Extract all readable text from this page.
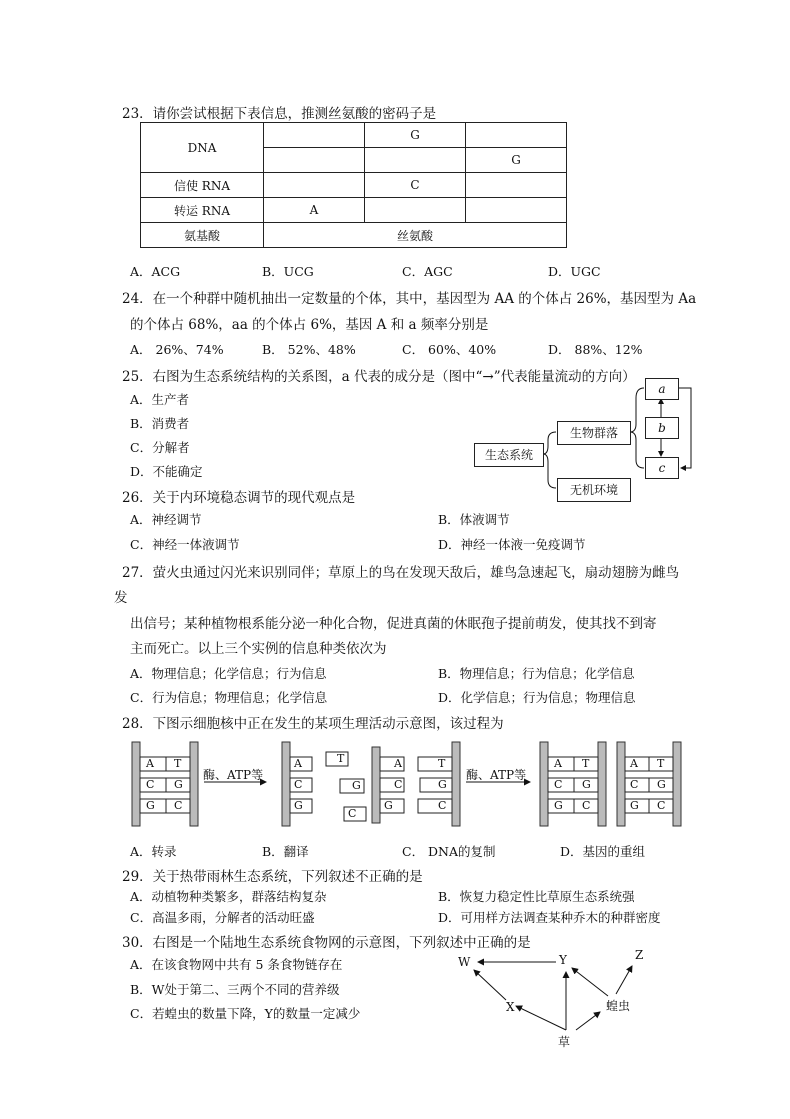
23．请你尝试根据下表信息，推测丝氨酸的密码子是
DNA		G	
			G
信使 RNA		C	
转运 RNA	A		
氨基酸	丝氨酸		
A．ACG	B．UCG	C．AGC	D．UGC
24．在一个种群中随机抽出一定数量的个体，其中，基因型为 AA 的个体占 26%，基因型为 Aa
的个体占 68%，aa 的个体占 6%，基因 A 和 a 频率分别是
A． 26%、74%	B． 52%、48%	C． 60%、40%	D． 88%、12%
25．右图为生态系统结构的关系图，a 代表的成分是（图中“→”代表能量流动的方向）
A．生产者
B．消费者
C．分解者
D．不能确定
生态系统
生物群落
无机环境
a
b
c
26．关于内环境稳态调节的现代观点是
A．神经调节	B．体液调节
C．神经一体液调节	D．神经一体液一免疫调节
27．萤火虫通过闪光来识别同伴；草原上的鸟在发现天敌后，雄鸟急速起飞，扇动翅膀为雌鸟
发
出信号；某种植物根系能分泌一种化合物，促进真菌的休眠孢子提前萌发，使其找不到寄
主而死亡。以上三个实例的信息种类依次为
A．物理信息；化学信息；行为信息	B．物理信息；行为信息；化学信息
C．行为信息；物理信息；化学信息	D．化学信息；行为信息；物理信息
28．下图示细胞核中正在发生的某项生理活动示意图，该过程为
酶、ATP等	酶、ATP等
A T
C G
G C
A	T
C	G
G
C
A	T
C	G
G	C
A T
C G
G C
A T
C G
G C
A．转录	B．翻译	C． DNA的复制	D．基因的重组
29．关于热带雨林生态系统，下列叙述不正确的是
A．动植物种类繁多，群落结构复杂	B．恢复力稳定性比草原生态系统强
C．高温多雨，分解者的活动旺盛	D．可用样方法调查某种乔木的种群密度
30．右图是一个陆地生态系统食物网的示意图，下列叙述中正确的是
A．在该食物网中共有 5 条食物链存在
B．W处于第二、三两个不同的营养级
C．若蝗虫的数量下降，Y的数量一定减少
W	Y	Z
X	蝗虫
草
